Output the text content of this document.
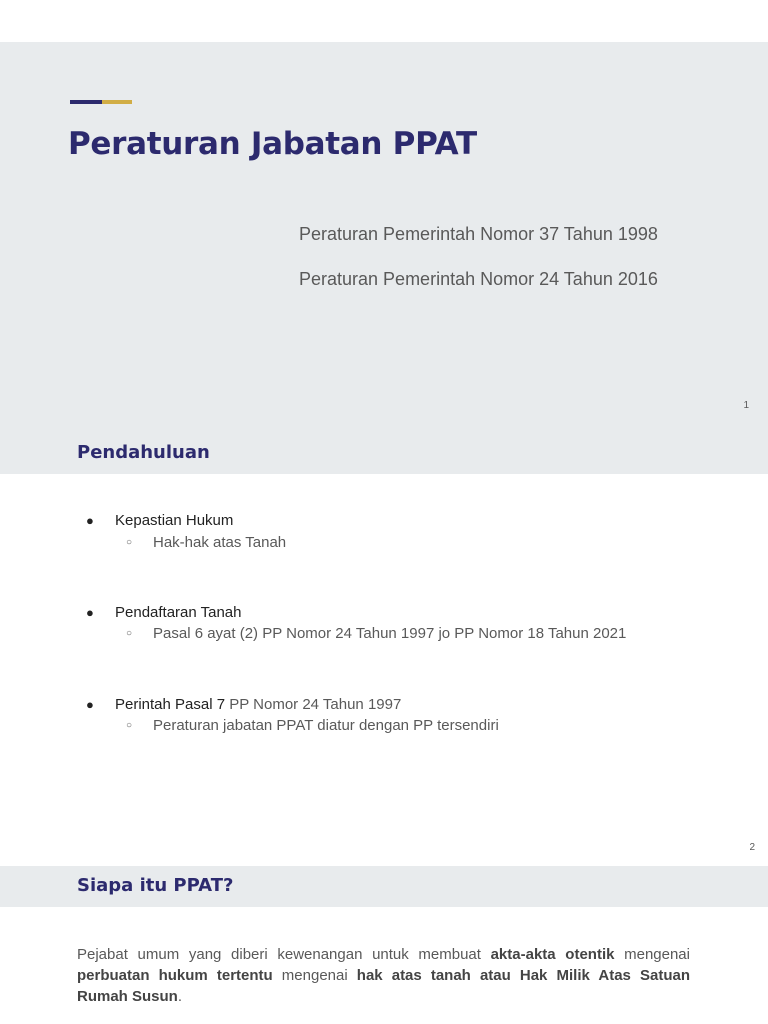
Peraturan Jabatan PPAT

Peraturan Pemerintah Nomor 37 Tahun 1998

Peraturan Pemerintah Nomor 24 Tahun 2016

1
Pendahuluan
● Kepastian Hukum
○ Hak-hak atas Tanah
● Pendaftaran Tanah
○ Pasal 6 ayat (2) PP Nomor 24 Tahun 1997 jo PP Nomor 18 Tahun 2021
● Perintah Pasal 7 PP Nomor 24 Tahun 1997
○ Peraturan jabatan PPAT diatur dengan PP tersendiri
2
Siapa itu PPAT?

Pejabat umum yang diberi kewenangan untuk membuat akta-akta otentik mengenai perbuatan hukum tertentu mengenai hak atas tanah atau Hak Milik Atas Satuan Rumah Susun.
